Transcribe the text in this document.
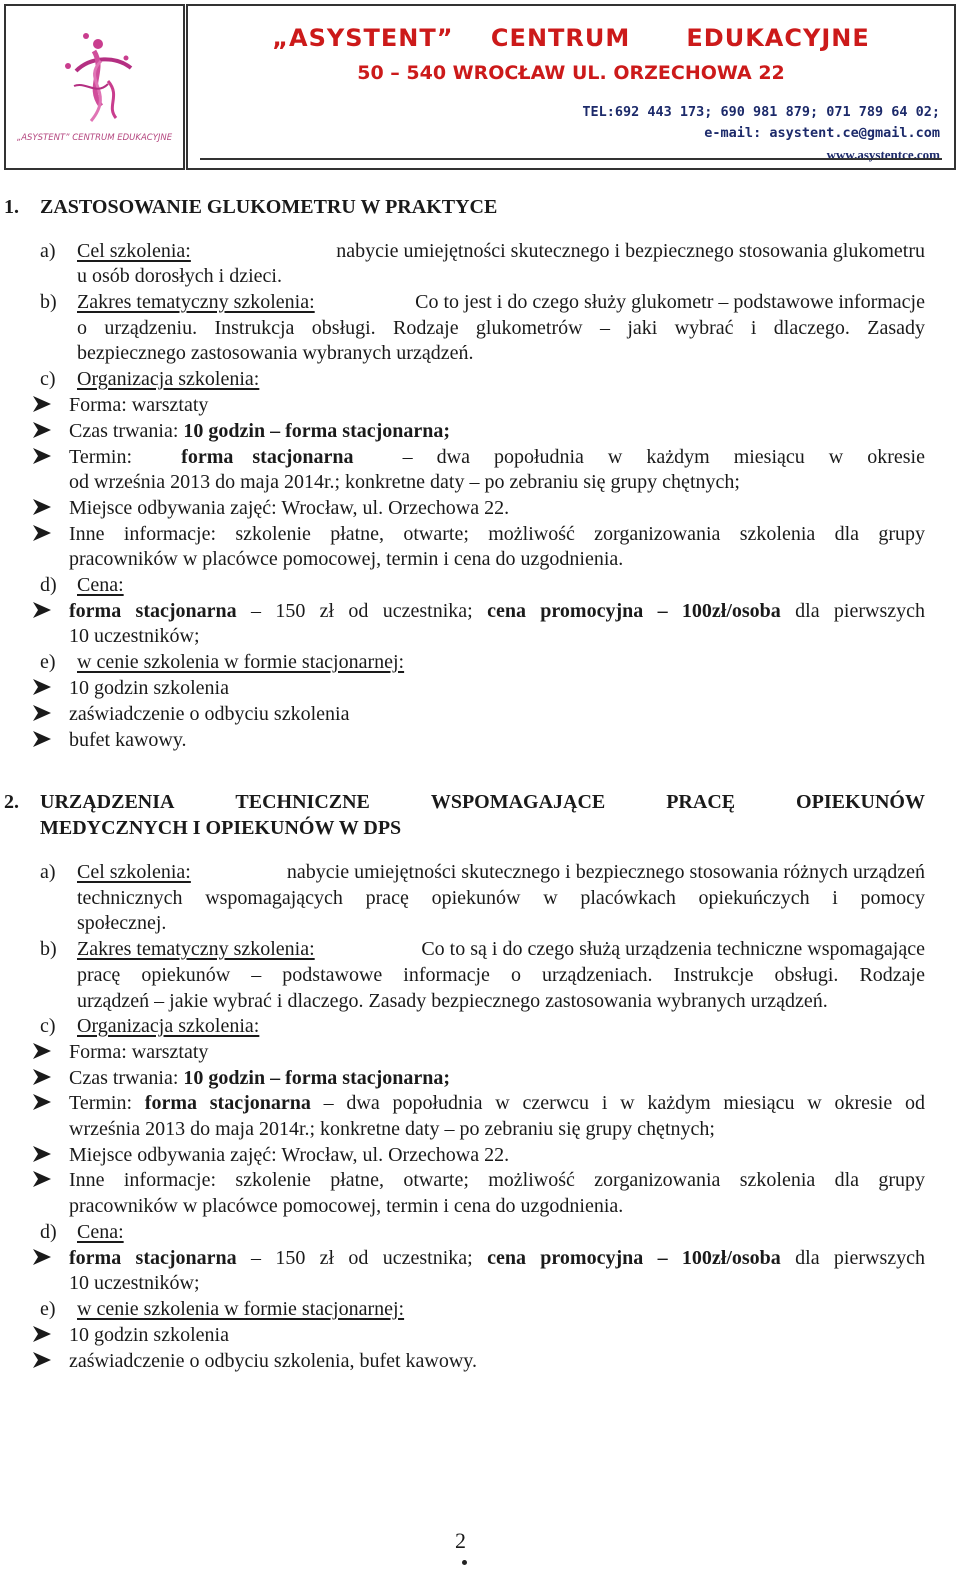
„ASYSTENT” CENTRUM EDUKACYJNE
„ASYSTENT”    CENTRUM      EDUKACYJNE
50 – 540 WROCŁAW UL. ORZECHOWA 22
TEL:692 443 173; 690 981 879; 071 789 64 02;
e-mail: asystent.ce@gmail.com
www.asystentce.com
1. ZASTOSOWANIE GLUKOMETRU W PRAKTYCE
a) Cel szkolenia:	nabycie umiejętności skutecznego i bezpiecznego stosowania glukometru
u osób dorosłych i dzieci.
b) Zakres tematyczny szkolenia:	Co to jest i do czego służy glukometr – podstawowe informacje
o urządzeniu. Instrukcja obsługi. Rodzaje glukometrów – jaki wybrać i dlaczego. Zasady
bezpiecznego zastosowania wybranych urządzeń.
c) Organizacja szkolenia:
Forma: warsztaty
Czas trwania: 10 godzin – forma stacjonarna;
Termin: forma stacjonarna – dwa popołudnia w każdym miesiącu w okresie
od września 2013 do maja 2014r.; konkretne daty – po zebraniu się grupy chętnych;
Miejsce odbywania zajęć: Wrocław, ul. Orzechowa 22.
Inne informacje: szkolenie płatne, otwarte; możliwość zorganizowania szkolenia dla grupy
pracowników w placówce pomocowej, termin i cena do uzgodnienia.
d) Cena:
forma stacjonarna – 150 zł od uczestnika; cena promocyjna – 100zł/osoba dla pierwszych
10 uczestników;
e) w cenie szkolenia w formie stacjonarnej:
10 godzin szkolenia
zaświadczenie o odbyciu szkolenia
bufet kawowy.
2. URZĄDZENIA	TECHNICZNE	WSPOMAGAJĄCE	PRACĘ	OPIEKUNÓW
MEDYCZNYCH I OPIEKUNÓW W DPS
a) Cel szkolenia:	nabycie umiejętności skutecznego i bezpiecznego stosowania różnych urządzeń
technicznych wspomagających pracę opiekunów w placówkach opiekuńczych i pomocy
społecznej.
b) Zakres tematyczny szkolenia:	Co to są i do czego służą urządzenia techniczne wspomagające
pracę opiekunów – podstawowe informacje o urządzeniach. Instrukcje obsługi. Rodzaje
urządzeń – jakie wybrać i dlaczego. Zasady bezpiecznego zastosowania wybranych urządzeń.
c) Organizacja szkolenia:
Forma: warsztaty
Czas trwania: 10 godzin – forma stacjonarna;
Termin: forma stacjonarna – dwa popołudnia w czerwcu i w każdym miesiącu w okresie od
września 2013 do maja 2014r.; konkretne daty – po zebraniu się grupy chętnych;
Miejsce odbywania zajęć: Wrocław, ul. Orzechowa 22.
Inne informacje: szkolenie płatne, otwarte; możliwość zorganizowania szkolenia dla grupy
pracowników w placówce pomocowej, termin i cena do uzgodnienia.
d) Cena:
forma stacjonarna – 150 zł od uczestnika; cena promocyjna – 100zł/osoba dla pierwszych
10 uczestników;
e) w cenie szkolenia w formie stacjonarnej:
10 godzin szkolenia
zaświadczenie o odbyciu szkolenia, bufet kawowy.
2
